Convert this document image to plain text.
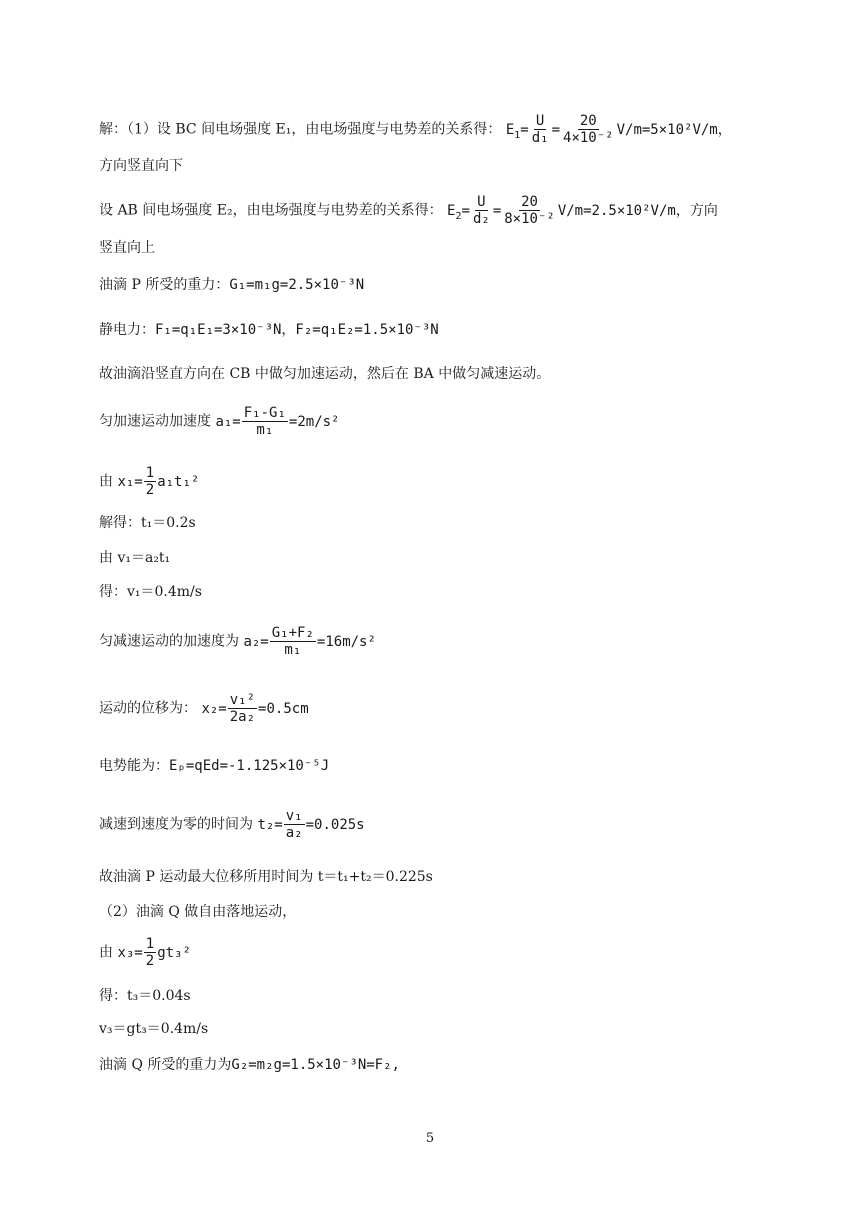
解：（1）设 BC 间电场强度 E₁，由电场强度与电势差的关系得： $E_1= \frac{U}{\text{d₁}} = \frac{20}{\text{4×10⁻²}} V/m=5\times 10^2V/m$，
方向竖直向下
设 AB 间电场强度 E₂，由电场强度与电势差的关系得： $E_2= \frac{U}{\text{d₂}} = \frac{20}{\text{8×10⁻²}} V/m=2.5\times 10^2V/m$，方向
竖直向上
油滴 P 所受的重力：G₁=m₁g=2.5×10⁻³N
静电力：F₁=q₁E₁=3×10⁻³N，F₂=q₁E₂=1.5×10⁻³N
故油滴沿竖直方向在 CB 中做匀加速运动，然后在 BA 中做匀减速运动。
匀加速运动加速度 $a_1= \frac{\text{F₁-G₁}}{\text{m₁}} =2m/s^2$
由 $x_1= \frac{1}{2} a_1t_1^2$
解得：t₁＝0.2s
由 v₁＝a₂t₁
得：v₁＝0.4m/s
匀减速运动的加速度为 $a_2= \frac{\text{G₁+F₂}}{\text{m₁}} =16m/s^2$
运动的位移为： $x_2= \frac{\text{v₁²}}{\text{2a₂}} =0.5cm$
电势能为：Eₚ=qEd=-1.125×10⁻⁵J
减速到速度为零的时间为 $t_2= \frac{\text{v₁}}{\text{a₂}} =0.025s$
故油滴 P 运动最大位移所用时间为 t＝t₁+t₂＝0.225s
（2）油滴 Q 做自由落地运动，
由 $x_3= \frac{1}{2} gt_3^2$
得：t₃＝0.04s
v₃＝gt₃＝0.4m/s
油滴 Q 所受的重力为G₂=m₂g=1.5×10⁻³N=F₂,
5
